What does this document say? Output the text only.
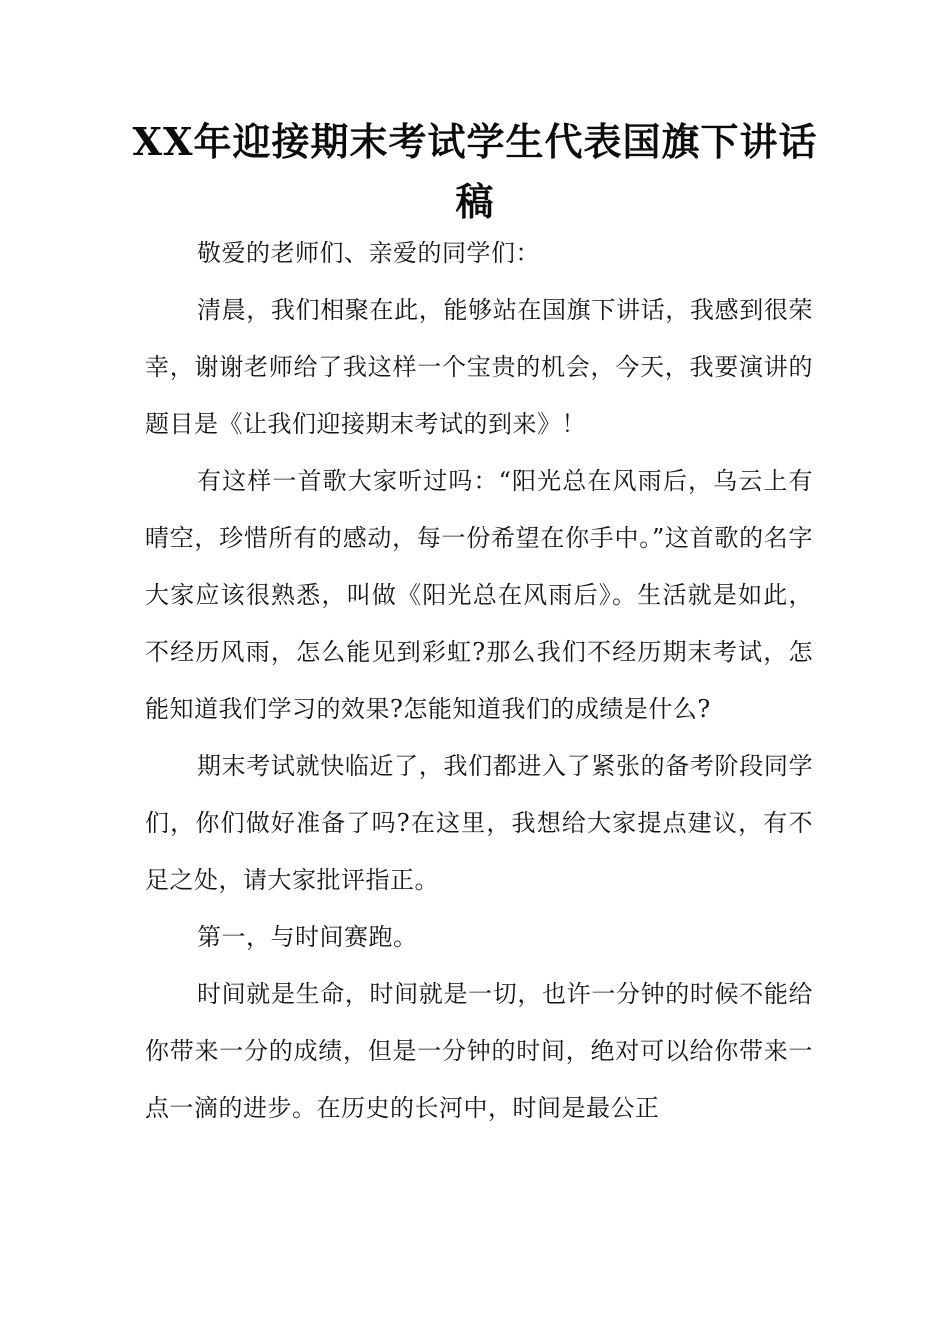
XX年迎接期末考试学生代表国旗下讲话稿

敬爱的老师们、亲爱的同学们：

清晨，我们相聚在此，能够站在国旗下讲话，我感到很荣幸，谢谢老师给了我这样一个宝贵的机会，今天，我要演讲的题目是《让我们迎接期末考试的到来》！

有这样一首歌大家听过吗：“阳光总在风雨后，乌云上有晴空，珍惜所有的感动，每一份希望在你手中。”这首歌的名字大家应该很熟悉，叫做《阳光总在风雨后》。生活就是如此，不经历风雨，怎么能见到彩虹?那么我们不经历期末考试，怎能知道我们学习的效果?怎能知道我们的成绩是什么?

期末考试就快临近了，我们都进入了紧张的备考阶段同学们，你们做好准备了吗?在这里，我想给大家提点建议，有不足之处，请大家批评指正。

第一，与时间赛跑。

时间就是生命，时间就是一切，也许一分钟的时候不能给你带来一分的成绩，但是一分钟的时间，绝对可以给你带来一点一滴的进步。在历史的长河中，时间是最公正
